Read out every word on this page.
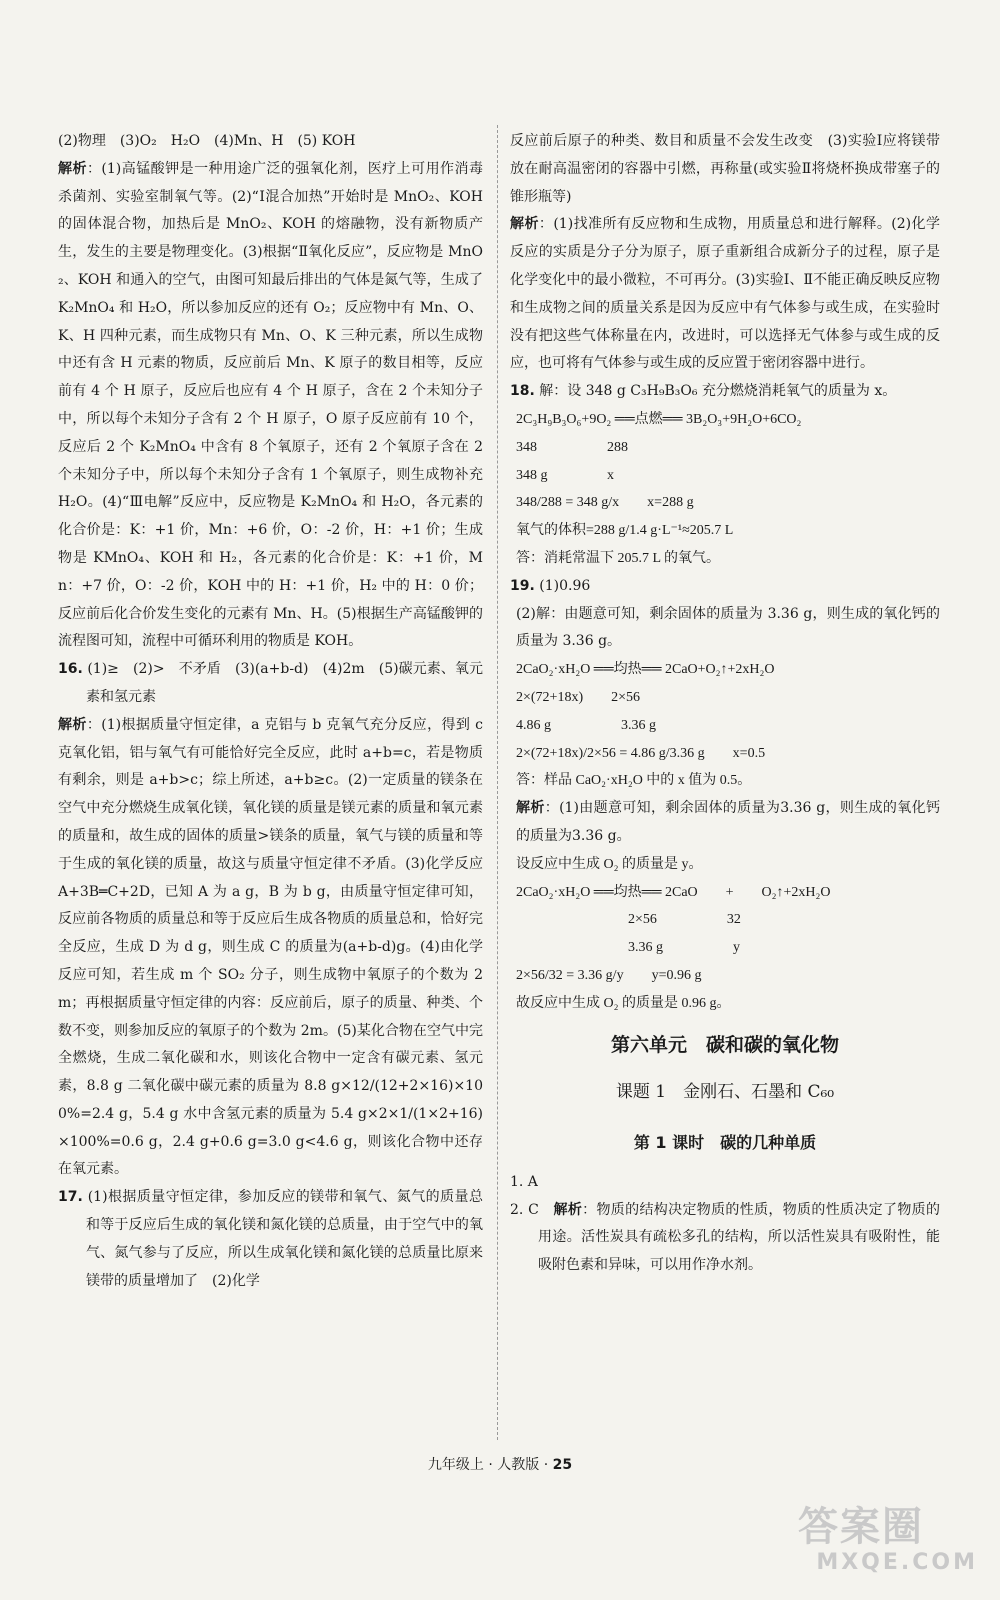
(2)物理　(3)O₂　H₂O　(4)Mn、H　(5) KOH

解析：(1)高锰酸钾是一种用途广泛的强氧化剂，医疗上可用作消毒杀菌剂、实验室制氧气等。(2)“Ⅰ混合加热”开始时是 MnO₂、KOH 的固体混合物，加热后是 MnO₂、KOH 的熔融物，没有新物质产生，发生的主要是物理变化。(3)根据“Ⅱ氧化反应”，反应物是 MnO₂、KOH 和通入的空气，由图可知最后排出的气体是氮气等，生成了 K₂MnO₄ 和 H₂O，所以参加反应的还有 O₂；反应物中有 Mn、O、K、H 四种元素，而生成物只有 Mn、O、K 三种元素，所以生成物中还有含 H 元素的物质，反应前后 Mn、K 原子的数目相等，反应前有 4 个 H 原子，反应后也应有 4 个 H 原子，含在 2 个未知分子中，所以每个未知分子含有 2 个 H 原子，O 原子反应前有 10 个，反应后 2 个 K₂MnO₄ 中含有 8 个氧原子，还有 2 个氧原子含在 2 个未知分子中，所以每个未知分子含有 1 个氧原子，则生成物补充 H₂O。(4)“Ⅲ电解”反应中，反应物是 K₂MnO₄ 和 H₂O，各元素的化合价是：K：+1 价，Mn：+6 价，O：-2 价，H：+1 价；生成物是 KMnO₄、KOH 和 H₂，各元素的化合价是：K：+1 价，Mn：+7 价，O：-2 价，KOH 中的 H：+1 价，H₂ 中的 H：0 价；反应前后化合价发生变化的元素有 Mn、H。(5)根据生产高锰酸钾的流程图可知，流程中可循环利用的物质是 KOH。

16. (1)≥　(2)>　不矛盾　(3)(a+b-d)　(4)2m　(5)碳元素、氧元素和氢元素

解析：(1)根据质量守恒定律，a 克铝与 b 克氧气充分反应，得到 c 克氧化铝，铝与氧气有可能恰好完全反应，此时 a+b=c，若是物质有剩余，则是 a+b>c；综上所述，a+b≥c。(2)一定质量的镁条在空气中充分燃烧生成氧化镁，氧化镁的质量是镁元素的质量和氧元素的质量和，故生成的固体的质量>镁条的质量，氧气与镁的质量和等于生成的氧化镁的质量，故这与质量守恒定律不矛盾。(3)化学反应 A+3B═C+2D，已知 A 为 a g，B 为 b g，由质量守恒定律可知，反应前各物质的质量总和等于反应后生成各物质的质量总和，恰好完全反应，生成 D 为 d g，则生成 C 的质量为(a+b-d)g。(4)由化学反应可知，若生成 m 个 SO₂ 分子，则生成物中氧原子的个数为 2m；再根据质量守恒定律的内容：反应前后，原子的质量、种类、个数不变，则参加反应的氧原子的个数为 2m。(5)某化合物在空气中完全燃烧，生成二氧化碳和水，则该化合物中一定含有碳元素、氢元素，8.8 g 二氧化碳中碳元素的质量为 8.8 g×12/(12+2×16)×100%=2.4 g，5.4 g 水中含氢元素的质量为 5.4 g×2×1/(1×2+16)×100%=0.6 g，2.4 g+0.6 g=3.0 g<4.6 g，则该化合物中还存在氧元素。

17. (1)根据质量守恒定律，参加反应的镁带和氧气、氮气的质量总和等于反应后生成的氧化镁和氮化镁的总质量，由于空气中的氧气、氮气参与了反应，所以生成氧化镁和氮化镁的总质量比原来镁带的质量增加了　(2)化学

反应前后原子的种类、数目和质量不会发生改变　(3)实验Ⅰ应将镁带放在耐高温密闭的容器中引燃，再称量(或实验Ⅱ将烧杯换成带塞子的锥形瓶等)

解析：(1)找准所有反应物和生成物，用质量总和进行解释。(2)化学反应的实质是分子分为原子，原子重新组合成新分子的过程，原子是化学变化中的最小微粒，不可再分。(3)实验Ⅰ、Ⅱ不能正确反映反应物和生成物之间的质量关系是因为反应中有气体参与或生成，在实验时没有把这些气体称量在内，改进时，可以选择无气体参与或生成的反应，也可将有气体参与或生成的反应置于密闭容器中进行。

18. 解：设 348 g C₃H₉B₃O₆ 充分燃烧消耗氧气的质量为 x。

2C₃H₉B₃O₆+9O₂ ══点燃══ 3B₂O₃+9H₂O+6CO₂

348　　　　　288

348 g　　　　 x

348/288 = 348 g/x　　x=288 g

氧气的体积=288 g/1.4 g·L⁻¹≈205.7 L

答：消耗常温下 205.7 L 的氧气。

19. (1)0.96

(2)解：由题意可知，剩余固体的质量为 3.36 g，则生成的氧化钙的质量为 3.36 g。

2CaO₂·xH₂O ══均热══ 2CaO+O₂↑+2xH₂O

2×(72+18x)　　2×56

4.86 g　　　　　3.36 g

2×(72+18x)/2×56 = 4.86 g/3.36 g　　x=0.5

答：样品 CaO₂·xH₂O 中的 x 值为 0.5。

解析：(1)由题意可知，剩余固体的质量为3.36 g，则生成的氧化钙的质量为3.36 g。

设反应中生成 O₂ 的质量是 y。

2CaO₂·xH₂O ══均热══ 2CaO　　+　　O₂↑+2xH₂O

　　　　　　　　2×56　　　　　32

　　　　　　　　3.36 g　　　　　y

2×56/32 = 3.36 g/y　　y=0.96 g

故反应中生成 O₂ 的质量是 0.96 g。

第六单元　碳和碳的氧化物
课题 1　金刚石、石墨和 C₆₀
第 1 课时　碳的几种单质

1. A

2. C　解析：物质的结构决定物质的性质，物质的性质决定了物质的用途。活性炭具有疏松多孔的结构，所以活性炭具有吸附性，能吸附色素和异味，可以用作净水剂。

九年级上 · 人教版 · 25
答案圈
MXQE.COM
